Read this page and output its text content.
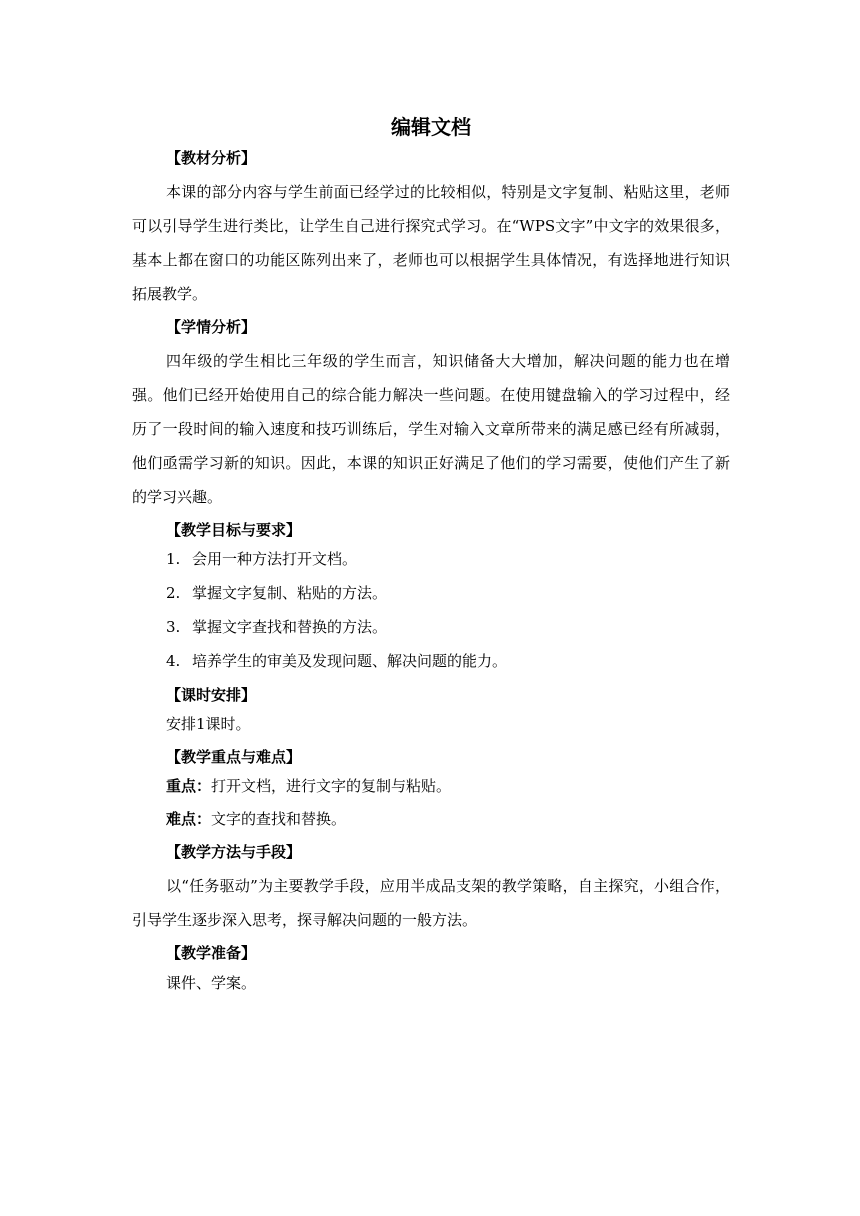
编辑文档
【教材分析】
本课的部分内容与学生前面已经学过的比较相似，特别是文字复制、粘贴这里，老师可以引导学生进行类比，让学生自己进行探究式学习。在“WPS文字”中文字的效果很多，基本上都在窗口的功能区陈列出来了，老师也可以根据学生具体情况，有选择地进行知识拓展教学。
【学情分析】
四年级的学生相比三年级的学生而言，知识储备大大增加，解决问题的能力也在增强。他们已经开始使用自己的综合能力解决一些问题。在使用键盘输入的学习过程中，经历了一段时间的输入速度和技巧训练后，学生对输入文章所带来的满足感已经有所减弱，他们亟需学习新的知识。因此，本课的知识正好满足了他们的学习需要，使他们产生了新的学习兴趣。
【教学目标与要求】
1. 会用一种方法打开文档。
2. 掌握文字复制、粘贴的方法。
3. 掌握文字查找和替换的方法。
4. 培养学生的审美及发现问题、解决问题的能力。
【课时安排】
安排1课时。
【教学重点与难点】
重点：打开文档，进行文字的复制与粘贴。
难点：文字的查找和替换。
【教学方法与手段】
以“任务驱动”为主要教学手段，应用半成品支架的教学策略，自主探究，小组合作，引导学生逐步深入思考，探寻解决问题的一般方法。
【教学准备】
课件、学案。
